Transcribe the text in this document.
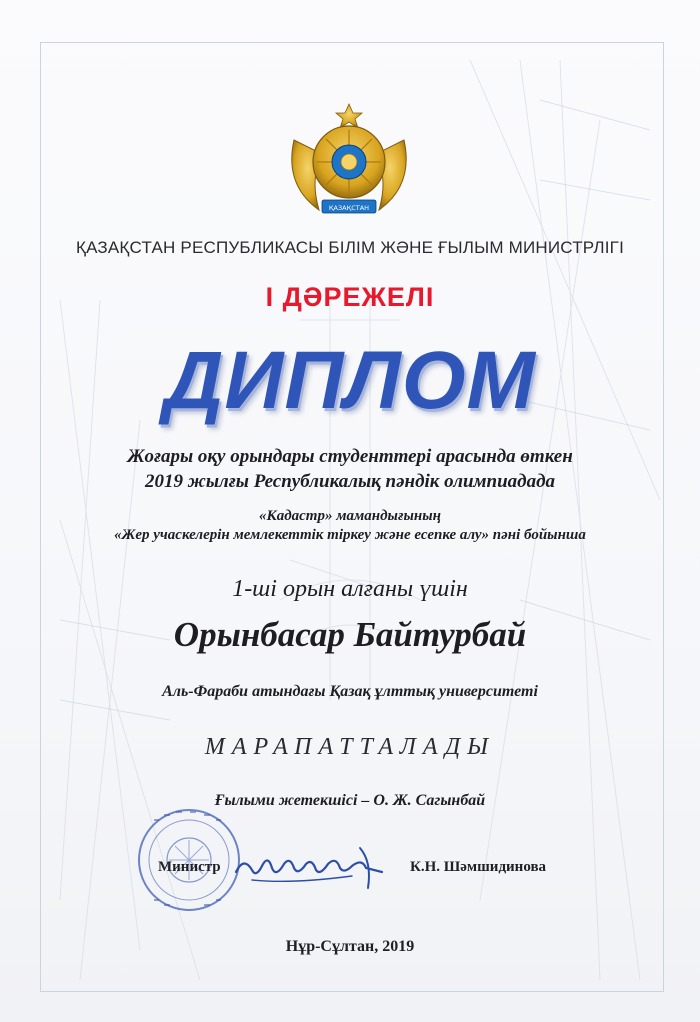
ҚАЗАҚСТАН
ҚАЗАҚСТАН РЕСПУБЛИКАСЫ БІЛІМ ЖӘНЕ ҒЫЛЫМ МИНИСТРЛІГІ
І ДӘРЕЖЕЛІ
ДИПЛОМ
Жоғары оқу орындары студенттері арасында өткен
2019 жылғы Республикалық пәндік олимпиадада
«Кадастр» мамандығының
«Жер учаскелерін мемлекеттік тіркеу және есепке алу» пәні бойынша
1-ші орын алғаны үшін
Орынбасар Байтурбай
Аль-Фараби атындағы Қазақ ұлттық университеті
МАРАПАТТАЛАДЫ
Ғылыми жетекшісі – О. Ж. Сагынбай
Министр	К.Н. Шәмшидинова
Нұр-Сұлтан, 2019
